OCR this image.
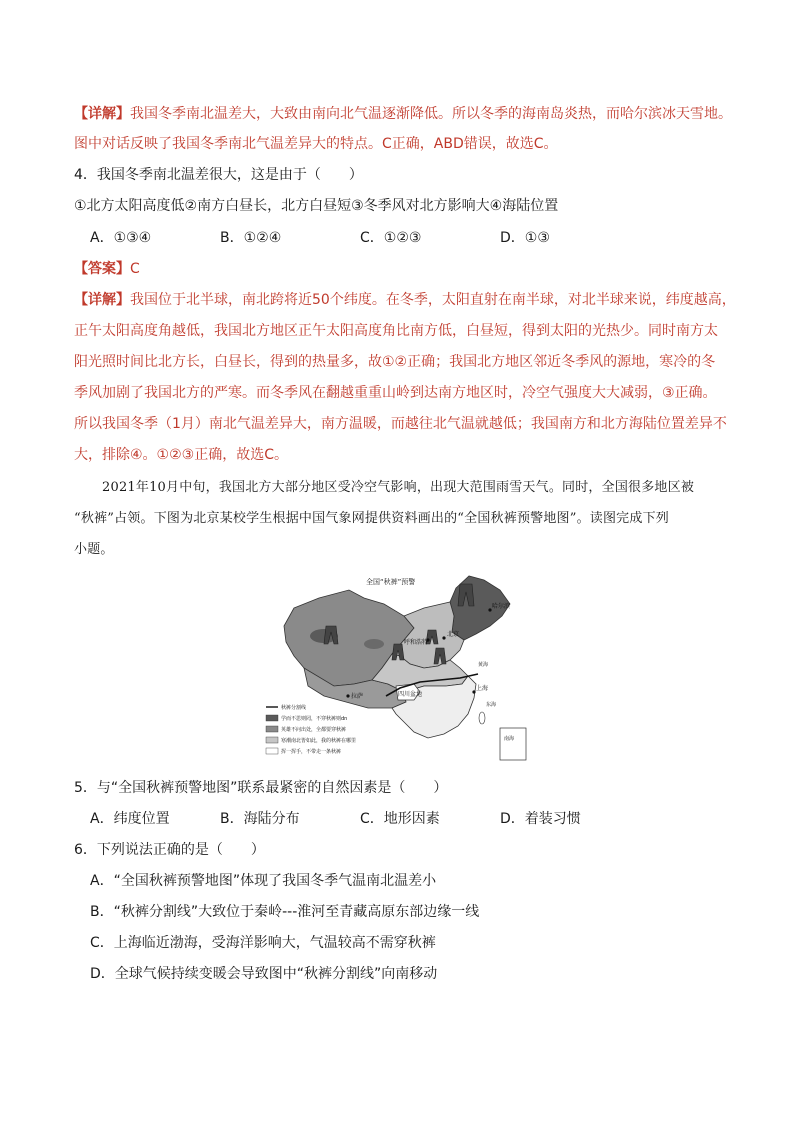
【详解】我国冬季南北温差大，大致由南向北气温逐渐降低。所以冬季的海南岛炎热，而哈尔滨冰天雪地。
图中对话反映了我国冬季南北气温差异大的特点。C正确，ABD错误，故选C。
4．我国冬季南北温差很大，这是由于（　　）
①北方太阳高度低②南方白昼长，北方白昼短③冬季风对北方影响大④海陆位置
A．①③④	B．①②④	C．①②③	D．①③
【答案】C
【详解】我国位于北半球，南北跨将近50个纬度。在冬季，太阳直射在南半球，对北半球来说，纬度越高，
正午太阳高度角越低，我国北方地区正午太阳高度角比南方低，白昼短，得到太阳的光热少。同时南方太
阳光照时间比北方长，白昼长，得到的热量多，故①②正确；我国北方地区邻近冬季风的源地，寒冷的冬
季风加剧了我国北方的严寒。而冬季风在翻越重重山岭到达南方地区时，冷空气强度大大减弱，③正确。
所以我国冬季（1月）南北气温差异大，南方温暖，而越往北气温就越低；我国南方和北方海陆位置差异不
大，排除④。①②③正确，故选C。
2021年10月中旬，我国北方大部分地区受冷空气影响，出现大范围雨雪天气。同时，全国很多地区被
“秋裤”占领。下图为北京某校学生根据中国气象网提供资料画出的“全国秋裤预警地图”。读图完成下列
小题。
全国“秋裤”预警
哈尔滨
北京
呼和浩特
拉萨	四川盆地
上海
黄海
东海
南海
秋裤分割线
学而不思则罔，不穿秋裤则dn
英雄不问出处，全都要穿秋裤
寒潮南北皆如此，我的秋裤在哪里
挥一挥手，不带走一条秋裤
5．与“全国秋裤预警地图”联系最紧密的自然因素是（　　）
A．纬度位置	B．海陆分布	C．地形因素	D．着装习惯
6．下列说法正确的是（　　）
A．“全国秋裤预警地图”体现了我国冬季气温南北温差小
B．“秋裤分割线”大致位于秦岭---淮河至青藏高原东部边缘一线
C．上海临近渤海，受海洋影响大，气温较高不需穿秋裤
D．全球气候持续变暖会导致图中“秋裤分割线”向南移动
